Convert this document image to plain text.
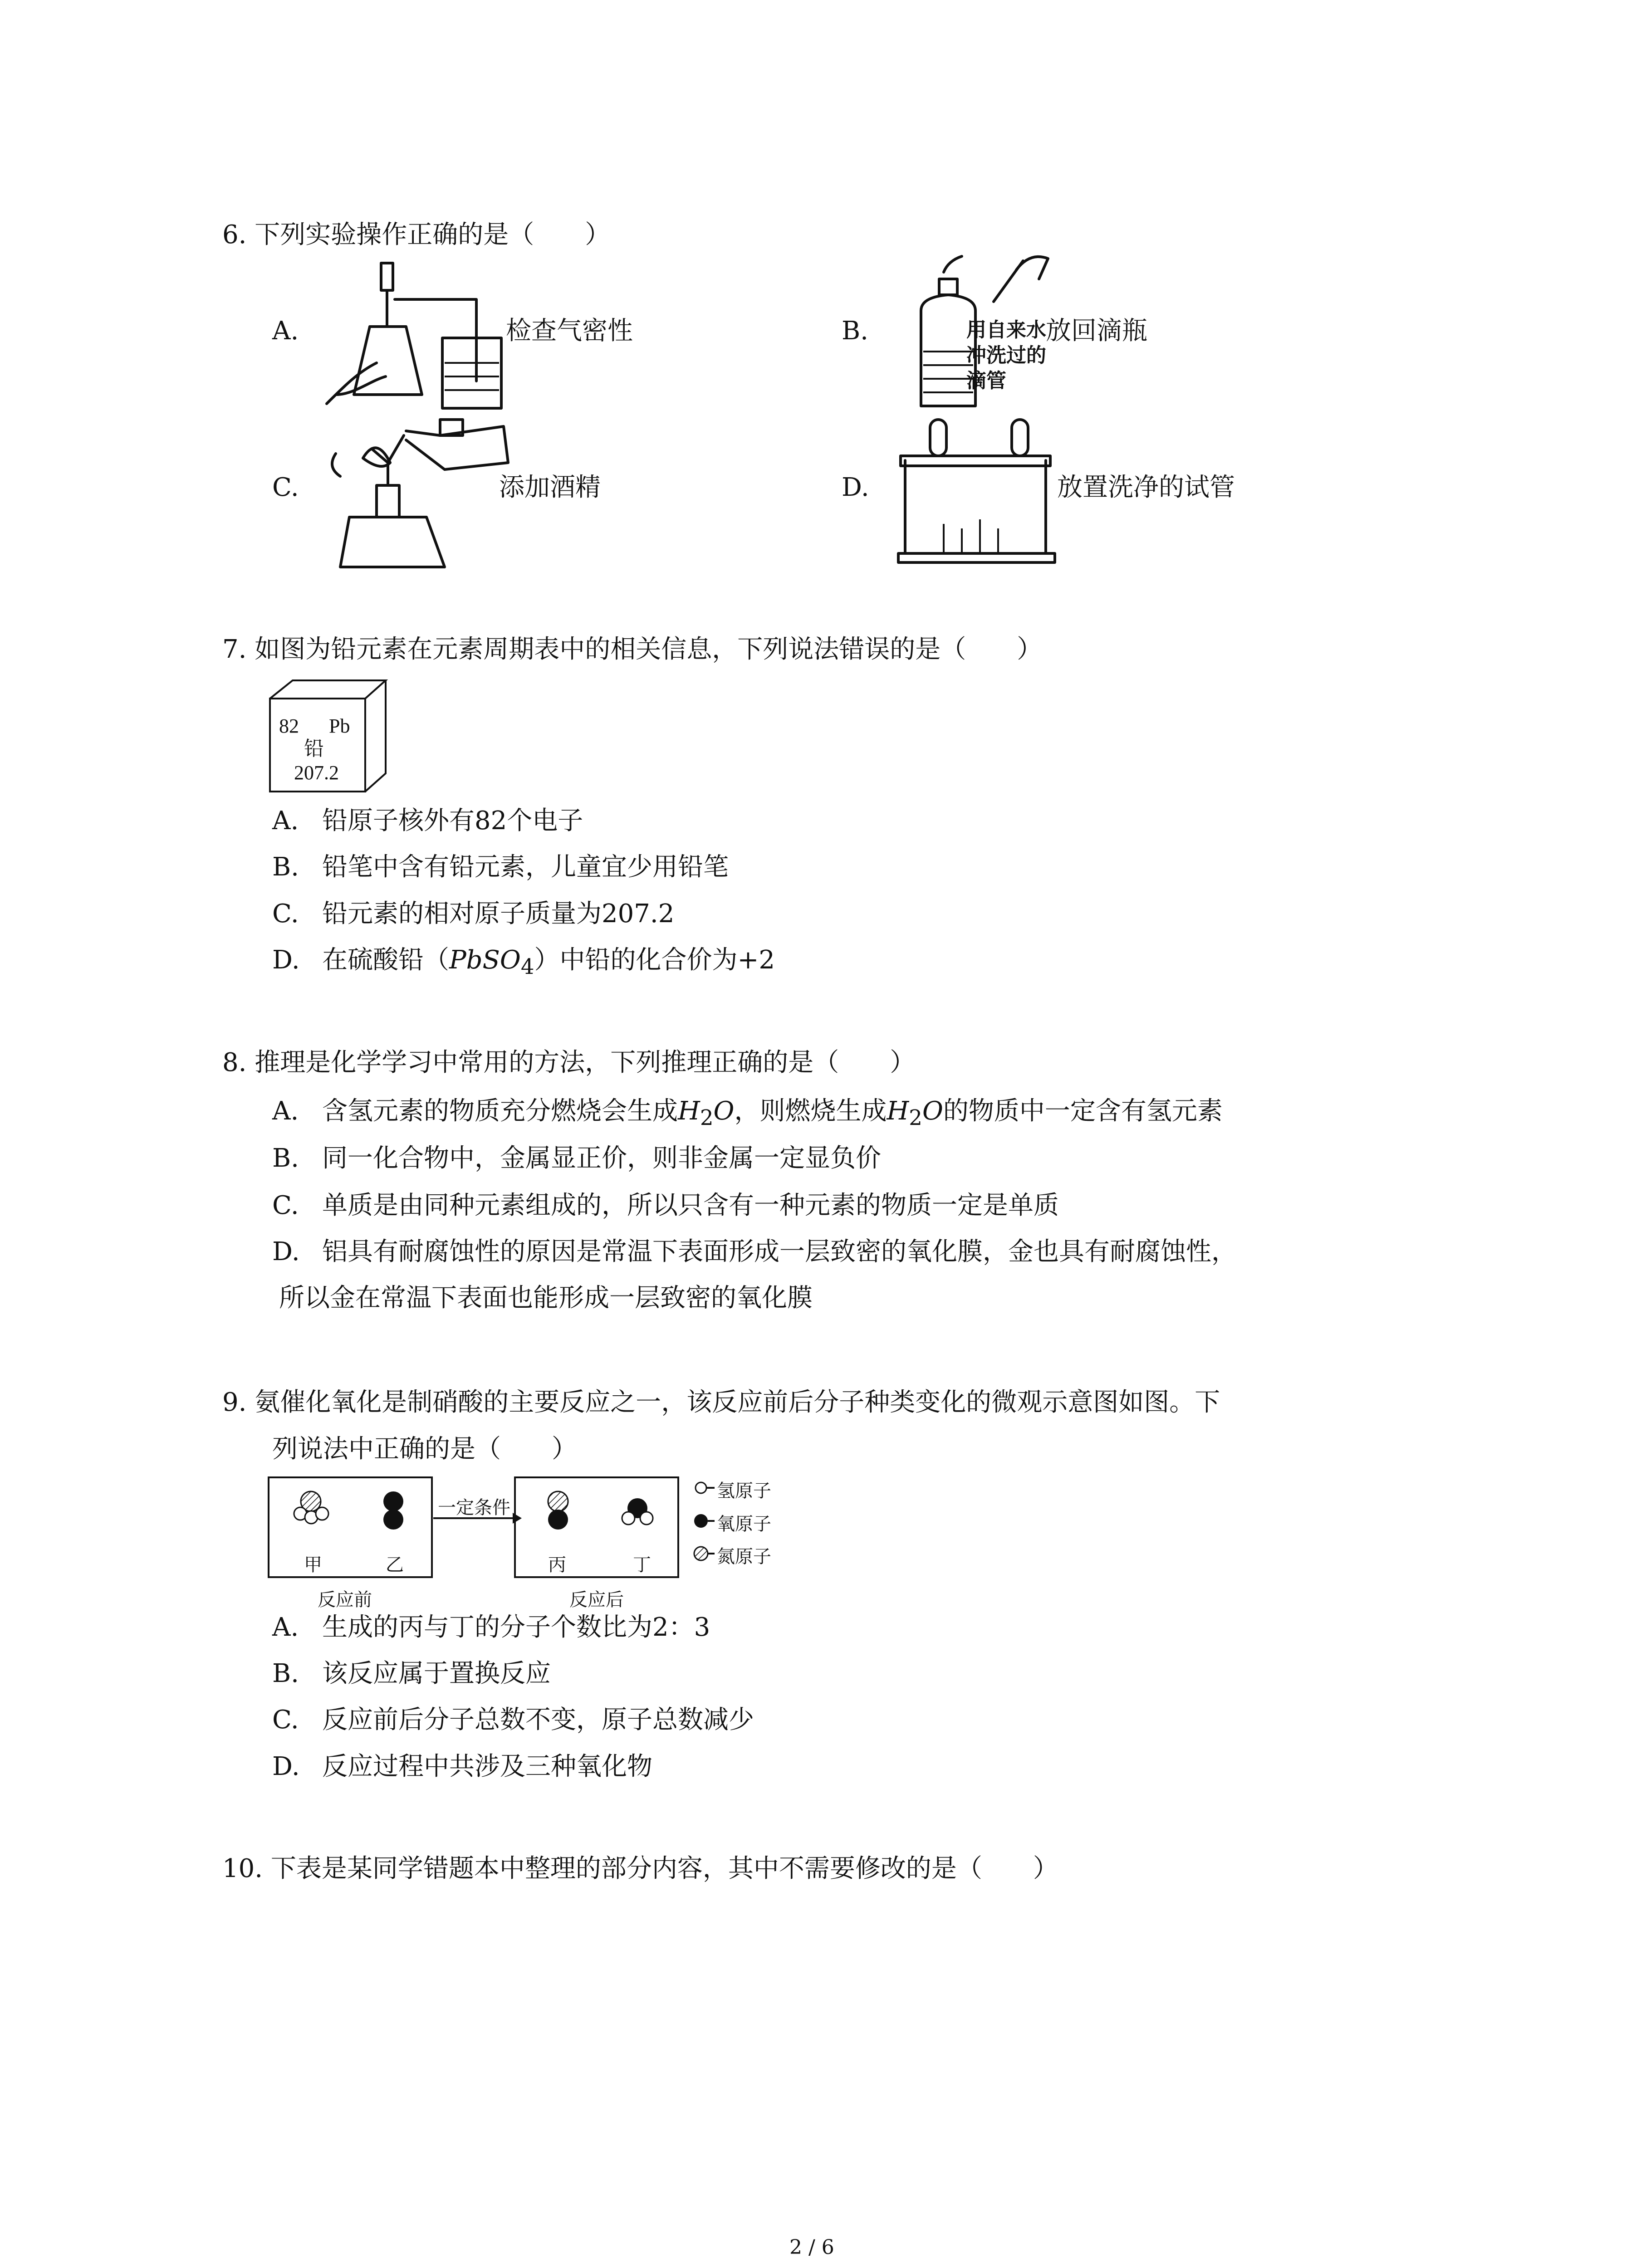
6. 下列实验操作正确的是（　　）
A.	检查气密性	B.	用自来水
冲洗过的
滴管
放回滴瓶
C.	添加酒精	D.	放置洗净的试管
7. 如图为铅元素在元素周期表中的相关信息，下列说法错误的是（　　）
82 Pb
铅
207.2
A. 铅原子核外有82个电子
B. 铅笔中含有铅元素，儿童宜少用铅笔
C. 铅元素的相对原子质量为207.2
D. 在硫酸铅（PbSO$_4$）中铅的化合价为+2
8. 推理是化学学习中常用的方法，下列推理正确的是（　　）
A. 含氢元素的物质充分燃烧会生成$H_2O$，则燃烧生成$H_2O$的物质中一定含有氢元素
B. 同一化合物中，金属显正价，则非金属一定显负价
C. 单质是由同种元素组成的，所以只含有一种元素的物质一定是单质
D. 铝具有耐腐蚀性的原因是常温下表面形成一层致密的氧化膜，金也具有耐腐蚀性，
所以金在常温下表面也能形成一层致密的氧化膜
9. 氨催化氧化是制硝酸的主要反应之一，该反应前后分子种类变化的微观示意图如图。下
列说法中正确的是（　　）
甲	乙	丙	丁
一定条件
反应前	反应后
氢原子
氧原子
氮原子
A. 生成的丙与丁的分子个数比为2：3
B. 该反应属于置换反应
C. 反应前后分子总数不变，原子总数减少
D. 反应过程中共涉及三种氧化物
10. 下表是某同学错题本中整理的部分内容，其中不需要修改的是（　　）
2 / 6
